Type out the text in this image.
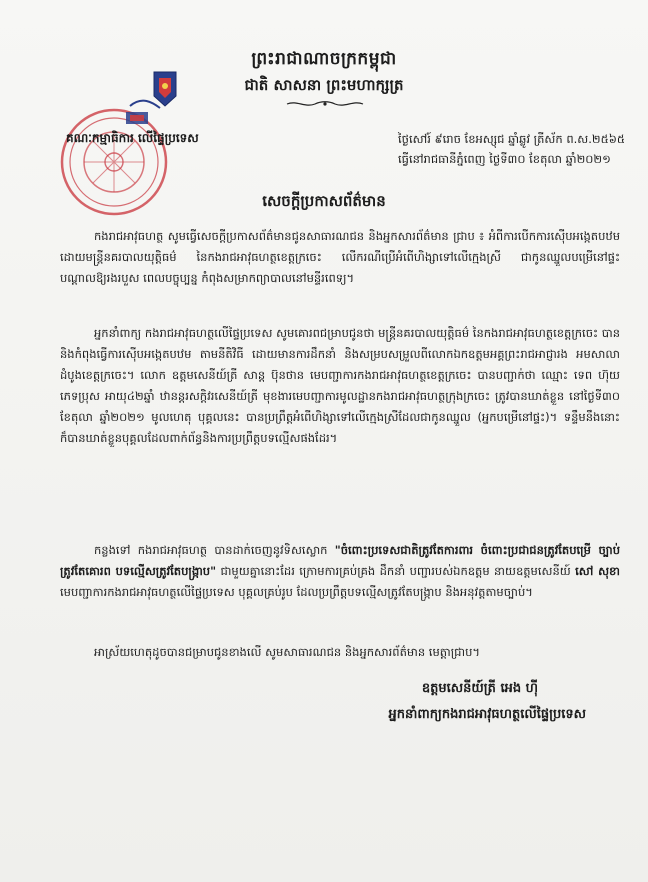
ព្រះរាជាណាចក្រកម្ពុជា
ជាតិ សាសនា ព្រះមហាក្សត្រ
គណៈកម្មាធិការ លើផ្ទៃប្រទេស	ថ្ងៃសៅរ៍ ៩រោច ខែអស្សុជ ឆ្នាំឆ្លូវ ត្រីស័ក ព.ស.២៥៦៥
ធ្វើនៅរាជធានីភ្នំពេញ ថ្ងៃទី៣០ ខែតុលា ឆ្នាំ២០២១
សេចក្តីប្រកាសព័ត៌មាន

កងរាជអាវុធហត្ថ សូមធ្វើសេចក្តីប្រកាសព័ត៌មានជូនសាធារណជន និងអ្នកសារព័ត៌មាន ជ្រាប ៖ អំពីការបើកការស៊ើបអង្កេតបឋម ដោយមន្ត្រីនគរបាលយុត្តិធម៌ នៃកងរាជអាវុធហត្ថខេត្តក្រចេះ លើករណីប្រើអំពើហិង្សាទៅលើក្មេងស្រី ជាកូនឈ្នួលបម្រើនៅផ្ទះ បណ្ដាលឱ្យរងរបួស ពេលបច្ចុប្បន្ន កំពុងសម្រាកព្យាបាលនៅមន្ទីរពេទ្យ។

អ្នកនាំពាក្យ កងរាជអាវុធហត្ថលើផ្ទៃប្រទេស សូមគោរពជម្រាបជូនថា មន្ត្រីនគរបាលយុត្តិធម៌ នៃកងរាជអាវុធហត្ថខេត្តក្រចេះ បាននិងកំពុងធ្វើការស៊ើបអង្កេតបឋម តាមនីតិវិធី ដោយមានការដឹកនាំ និងសម្របសម្រួលពីលោកឯកឧត្តមអគ្គព្រះរាជអាជ្ញារង អមសាលាដំបូងខេត្តក្រចេះ។ លោក ឧត្តមសេនីយ៍ត្រី សាន្ត ប៊ុនថាន មេបញ្ជាការកងរាជអាវុធហត្ថខេត្តក្រចេះ បានបញ្ជាក់ថា ឈ្មោះ ទេព ហ៊ុយ ភេទប្រុស អាយុ៤២ឆ្នាំ ឋានន្តរសក្តិវរសេនីយ៍ត្រី មុខងារមេបញ្ជាការមូលដ្ឋានកងរាជអាវុធហត្ថក្រុងក្រចេះ ត្រូវបានឃាត់ខ្លួន នៅថ្ងៃទី៣០ ខែតុលា ឆ្នាំ២០២១ មូលហេតុ បុគ្គលនេះ បានប្រព្រឹត្តអំពើហិង្សាទៅលើក្មេងស្រីដែលជាកូនឈ្នួល (អ្នកបម្រើនៅផ្ទះ)។ ទន្ទឹមនឹងនោះ ក៏បានឃាត់ខ្លួនបុគ្គលដែលពាក់ព័ន្ធនិងការប្រព្រឹត្តបទល្មើសផងដែរ។

កន្លងទៅ កងរាជអាវុធហត្ថ បានដាក់ចេញនូវទិសស្លោក "ចំពោះប្រទេសជាតិត្រូវតែការពារ ចំពោះប្រជាជនត្រូវតែបម្រើ ច្បាប់ត្រូវតែគោរព បទល្មើសត្រូវតែបង្ក្រាប" ជាមួយគ្នានោះដែរ ក្រោមការគ្រប់គ្រង ដឹកនាំ បញ្ជារបស់ឯកឧត្តម នាយឧត្តមសេនីយ៍ សៅ សុខា មេបញ្ជាការកងរាជអាវុធហត្ថលើផ្ទៃប្រទេស បុគ្គលគ្រប់រូប ដែលប្រព្រឹត្តបទល្មើសត្រូវតែបង្ក្រាប និងអនុវត្តតាមច្បាប់។

អាស្រ័យហេតុដូចបានជម្រាបជូនខាងលើ សូមសាធារណជន និងអ្នកសារព័ត៌មាន មេត្តាជ្រាប។

ឧត្តមសេនីយ៍ត្រី អេង ហ៊ី
អ្នកនាំពាក្យកងរាជអាវុធហត្ថលើផ្ទៃប្រទេស
